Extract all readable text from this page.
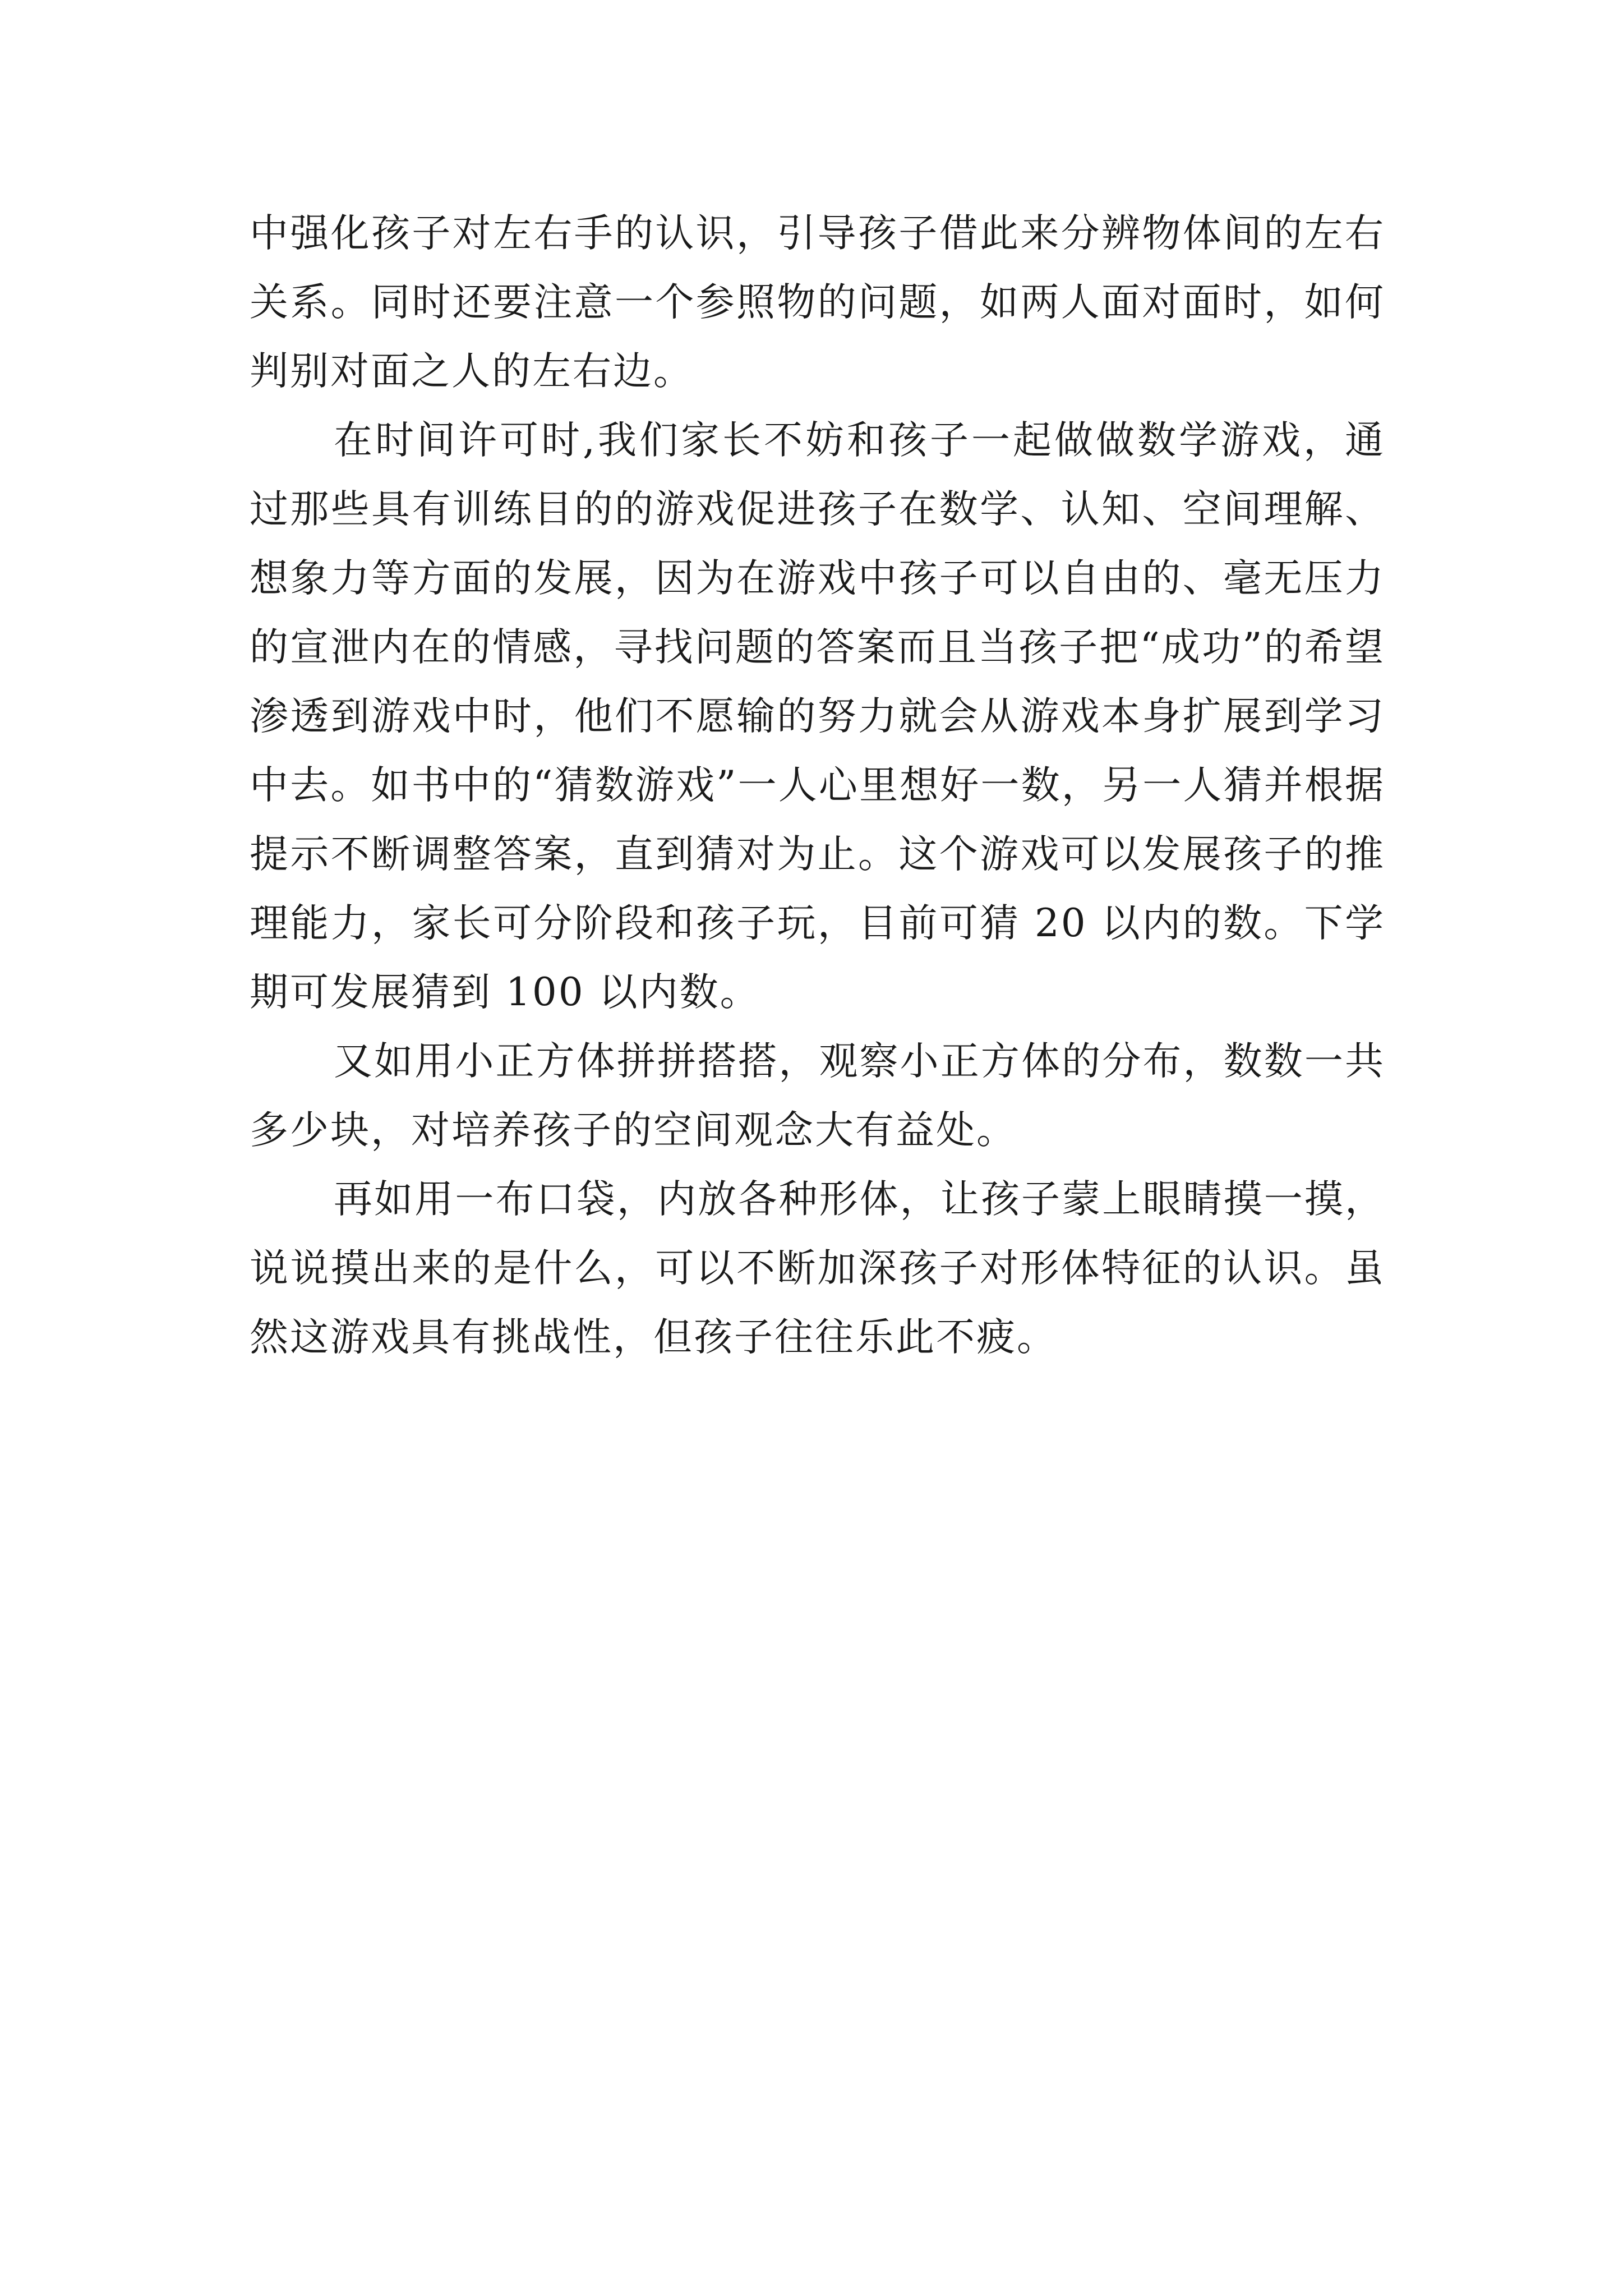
中强化孩子对左右手的认识，引导孩子借此来分辨物体间的左右关系。同时还要注意一个参照物的问题，如两人面对面时，如何判别对面之人的左右边。

在时间许可时,我们家长不妨和孩子一起做做数学游戏，通过那些具有训练目的的游戏促进孩子在数学、认知、空间理解、想象力等方面的发展，因为在游戏中孩子可以自由的、毫无压力的宣泄内在的情感，寻找问题的答案而且当孩子把“成功”的希望渗透到游戏中时，他们不愿输的努力就会从游戏本身扩展到学习中去。如书中的“猜数游戏”一人心里想好一数，另一人猜并根据提示不断调整答案，直到猜对为止。这个游戏可以发展孩子的推理能力，家长可分阶段和孩子玩，目前可猜 20 以内的数。下学期可发展猜到 100 以内数。

又如用小正方体拼拼搭搭，观察小正方体的分布，数数一共多少块，对培养孩子的空间观念大有益处。

再如用一布口袋，内放各种形体，让孩子蒙上眼睛摸一摸，说说摸出来的是什么，可以不断加深孩子对形体特征的认识。虽然这游戏具有挑战性，但孩子往往乐此不疲。
